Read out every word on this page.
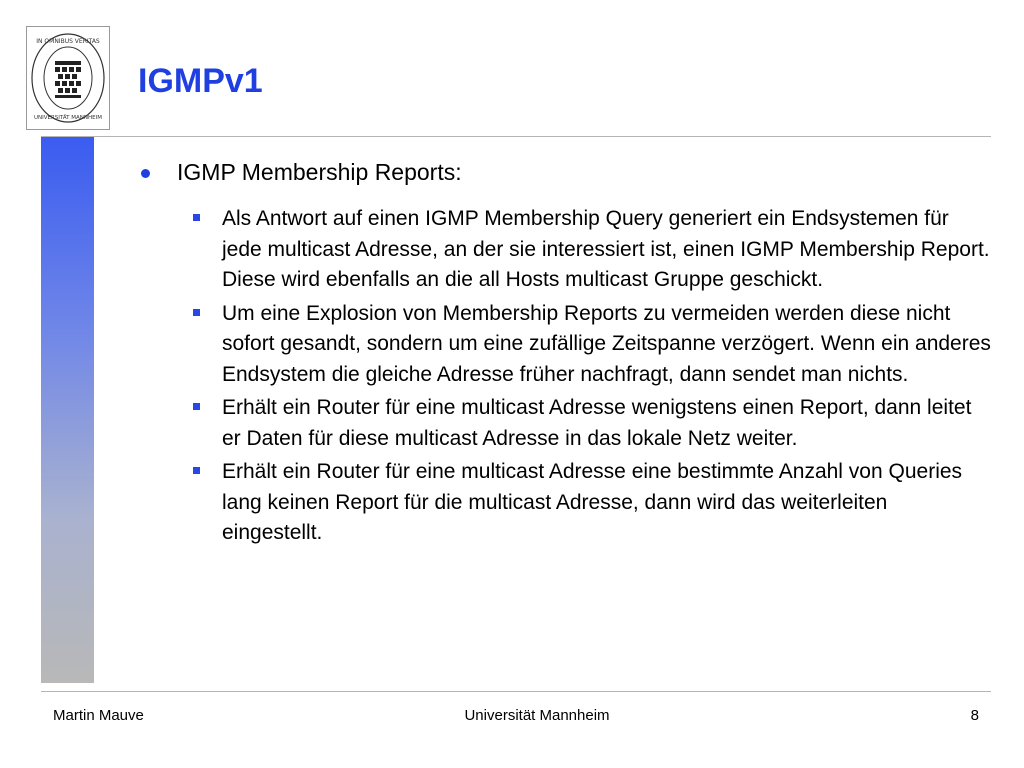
IN OMNIBUS VERITAS
UNIVERSITÄT MANNHEIM
IGMPv1
IGMP Membership Reports:
Als Antwort auf einen IGMP Membership Query generiert ein Endsystemen für jede multicast Adresse, an der sie interessiert ist, einen IGMP Membership Report. Diese wird ebenfalls an die all Hosts multicast Gruppe geschickt.
Um eine Explosion von Membership Reports zu vermeiden werden diese nicht sofort gesandt, sondern um eine zufällige Zeitspanne verzögert. Wenn ein anderes Endsystem die gleiche Adresse früher nachfragt, dann sendet man nichts.
Erhält ein Router für eine multicast Adresse wenigstens einen Report, dann leitet er Daten für diese multicast Adresse in das lokale Netz weiter.
Erhält ein Router für eine multicast Adresse eine bestimmte Anzahl von Queries lang keinen Report für die multicast Adresse, dann wird das weiterleiten eingestellt.
Martin Mauve	Universität Mannheim	8
